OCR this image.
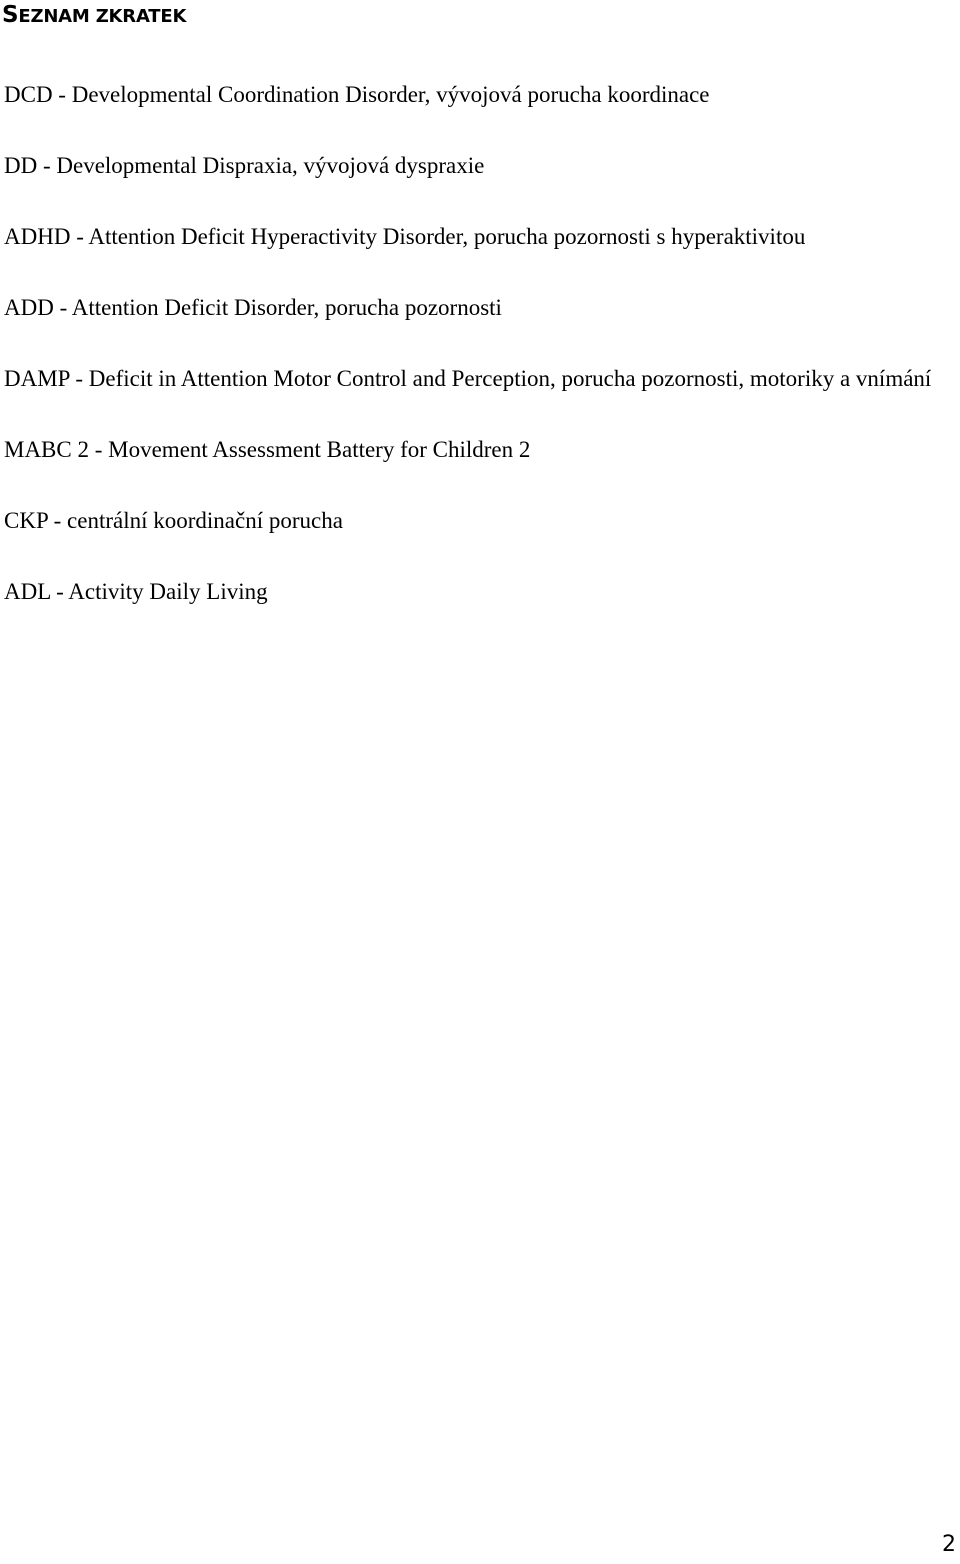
SEZNAM ZKRATEK

DCD - Developmental Coordination Disorder, vývojová porucha koordinace

DD - Developmental Dispraxia, vývojová dyspraxie

ADHD - Attention Deficit Hyperactivity Disorder, porucha pozornosti s hyperaktivitou

ADD - Attention Deficit Disorder, porucha pozornosti

DAMP - Deficit in Attention Motor Control and Perception, porucha pozornosti, motoriky a vnímání

MABC 2 - Movement Assessment Battery for Children 2

CKP - centrální koordinační porucha

ADL - Activity Daily Living

2
